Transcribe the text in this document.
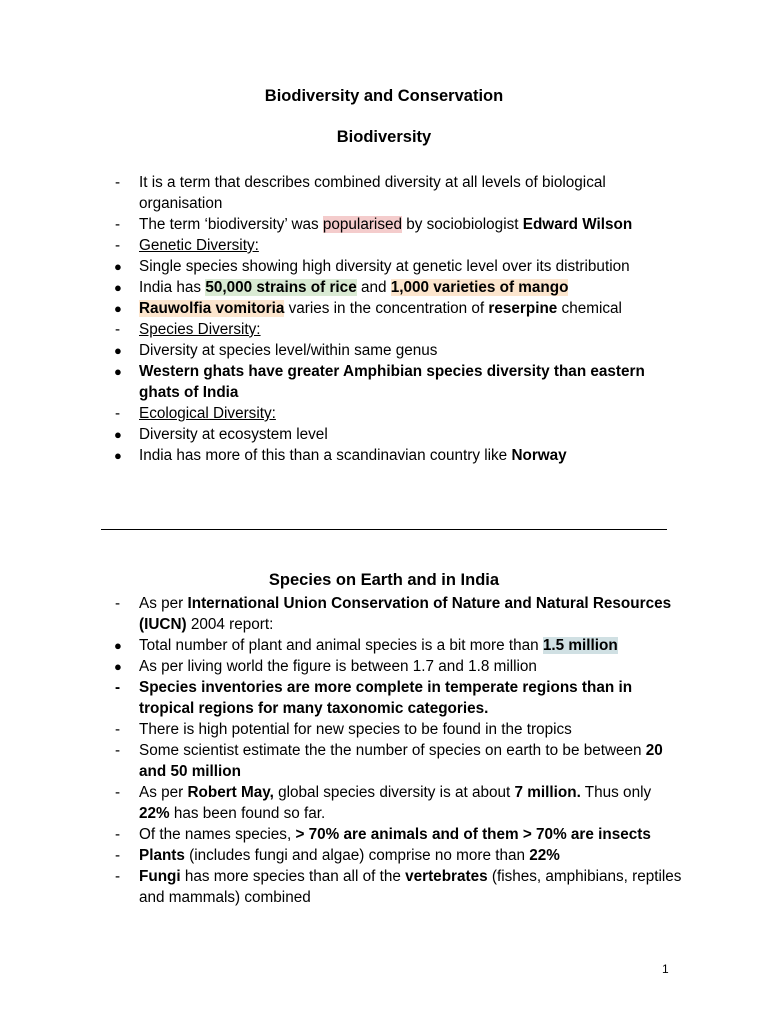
Biodiversity and Conservation
Biodiversity
- It is a term that describes combined diversity at all levels of biological organisation
- The term ‘biodiversity’ was popularised by sociobiologist Edward Wilson
- Genetic Diversity:
● Single species showing high diversity at genetic level over its distribution
● India has 50,000 strains of rice and 1,000 varieties of mango
● Rauwolfia vomitoria varies in the concentration of reserpine chemical
- Species Diversity:
● Diversity at species level/within same genus
● Western ghats have greater Amphibian species diversity than eastern ghats of India
- Ecological Diversity:
● Diversity at ecosystem level
● India has more of this than a scandinavian country like Norway
Species on Earth and in India
- As per International Union Conservation of Nature and Natural Resources (IUCN) 2004 report:
● Total number of plant and animal species is a bit more than 1.5 million
● As per living world the figure is between 1.7 and 1.8 million
- Species inventories are more complete in temperate regions than in tropical regions for many taxonomic categories.
- There is high potential for new species to be found in the tropics
- Some scientist estimate the the number of species on earth to be between 20 and 50 million
- As per Robert May, global species diversity is at about 7 million. Thus only 22% has been found so far.
- Of the names species, > 70% are animals and of them > 70% are insects
- Plants (includes fungi and algae) comprise no more than 22%
- Fungi has more species than all of the vertebrates (fishes, amphibians, reptiles and mammals) combined
1
